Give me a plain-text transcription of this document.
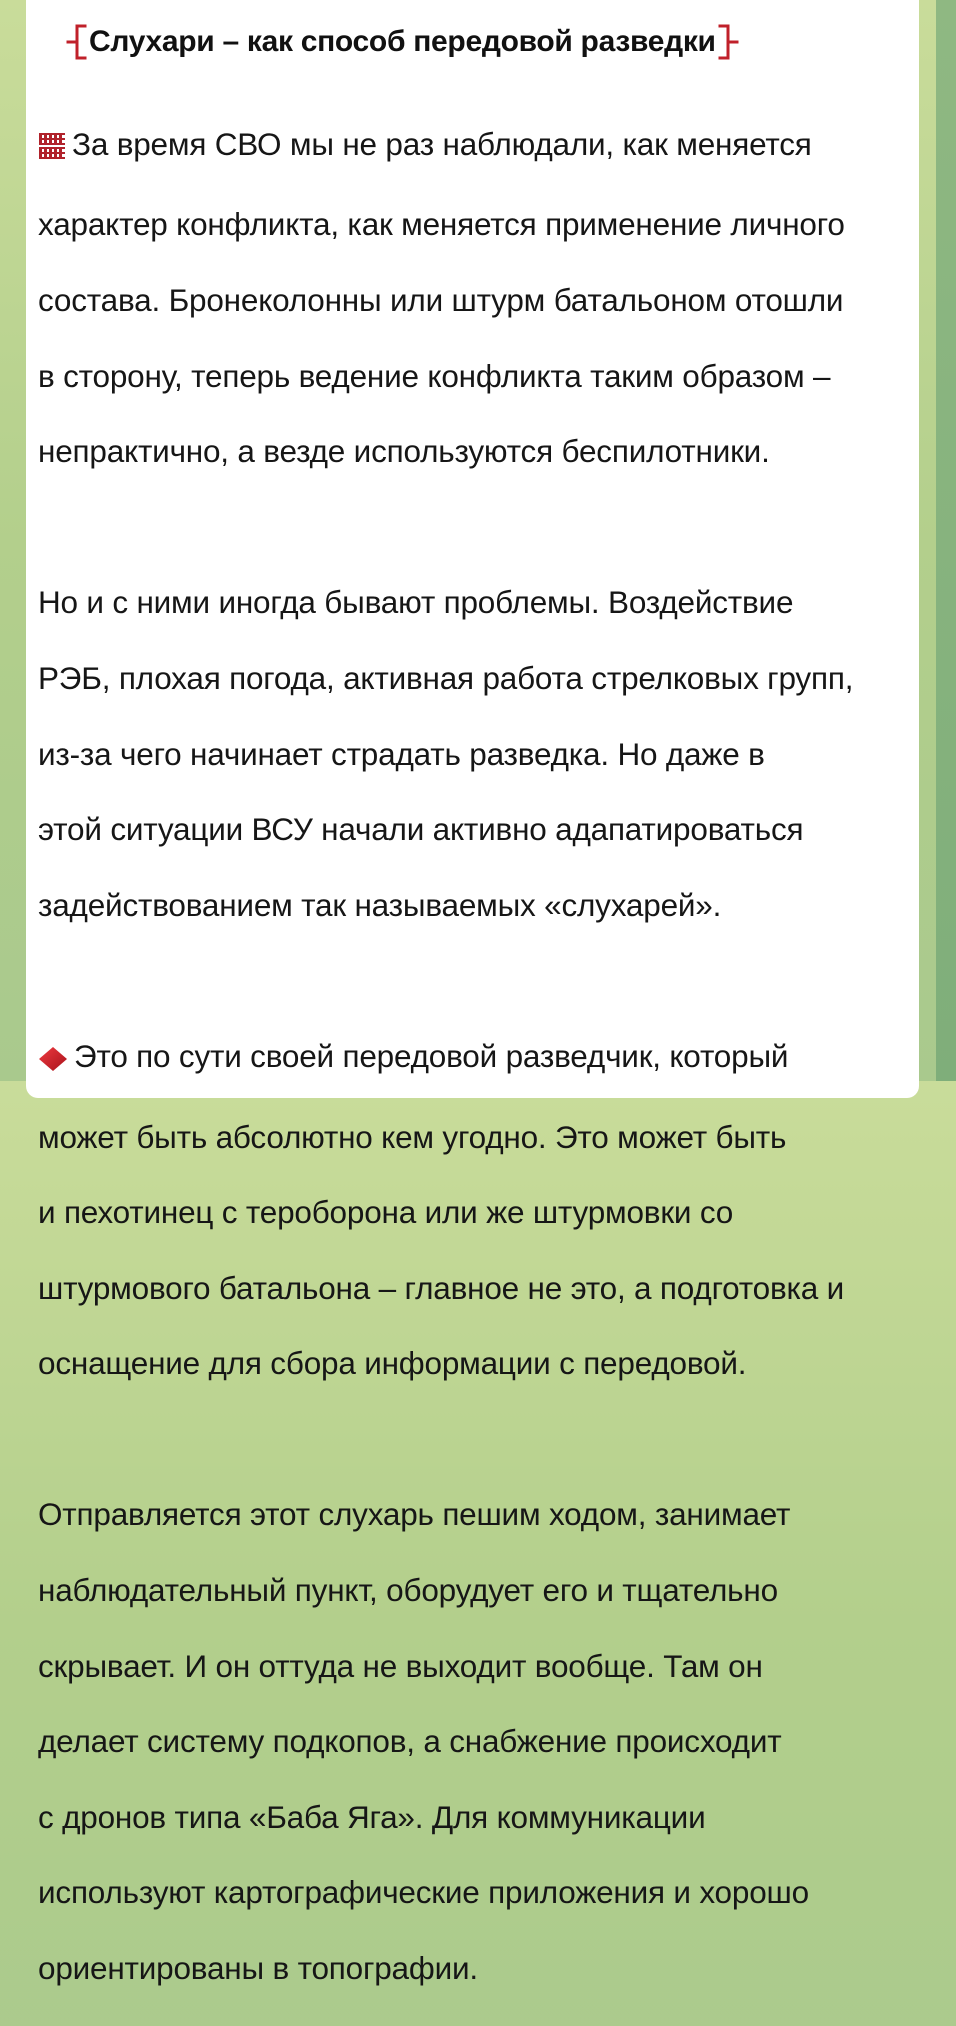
Слухари – как способ передовой разведки

За время СВО мы не раз наблюдали, как меняется

характер конфликта, как меняется применение личного

состава. Бронеколонны или штурм батальоном отошли

в сторону, теперь ведение конфликта таким образом –

непрактично, а везде используются беспилотники.

Но и с ними иногда бывают проблемы. Воздействие

РЭБ, плохая погода, активная работа стрелковых групп,

из-за чего начинает страдать разведка. Но даже в

этой ситуации ВСУ начали активно адапатироваться

задействованием так называемых «слухарей».

Это по сути своей передовой разведчик, который

может быть абсолютно кем угодно. Это может быть

и пехотинец с тероборона или же штурмовки со

штурмового батальона – главное не это, а подготовка и

оснащение для сбора информации с передовой.

Отправляется этот слухарь пешим ходом, занимает

наблюдательный пункт, оборудует его и тщательно

скрывает. И он оттуда не выходит вообще. Там он

делает систему подкопов, а снабжение происходит

с дронов типа «Баба Яга». Для коммуникации

используют картографические приложения и хорошо

ориентированы в топографии.
